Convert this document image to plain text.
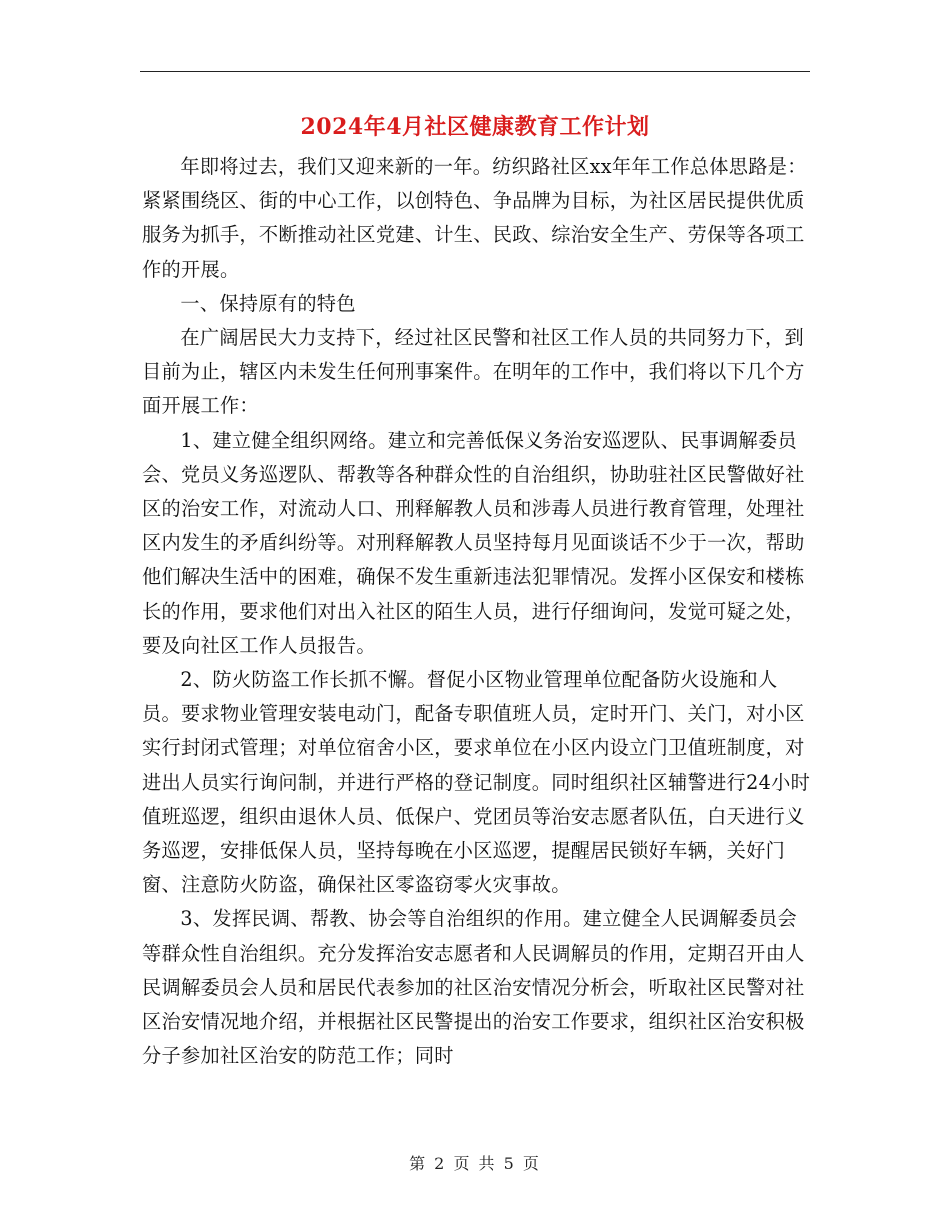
2024年4月社区健康教育工作计划

年即将过去，我们又迎来新的一年。纺织路社区xx年年工作总体思路是：紧紧围绕区、街的中心工作，以创特色、争品牌为目标，为社区居民提供优质服务为抓手，不断推动社区党建、计生、民政、综治安全生产、劳保等各项工作的开展。

一、保持原有的特色

在广阔居民大力支持下，经过社区民警和社区工作人员的共同努力下，到目前为止，辖区内未发生任何刑事案件。在明年的工作中，我们将以下几个方面开展工作：

1、建立健全组织网络。建立和完善低保义务治安巡逻队、民事调解委员会、党员义务巡逻队、帮教等各种群众性的自治组织，协助驻社区民警做好社区的治安工作，对流动人口、刑释解教人员和涉毒人员进行教育管理，处理社区内发生的矛盾纠纷等。对刑释解教人员坚持每月见面谈话不少于一次，帮助他们解决生活中的困难，确保不发生重新违法犯罪情况。发挥小区保安和楼栋长的作用，要求他们对出入社区的陌生人员，进行仔细询问，发觉可疑之处，要及向社区工作人员报告。

2、防火防盗工作长抓不懈。督促小区物业管理单位配备防火设施和人员。要求物业管理安装电动门，配备专职值班人员，定时开门、关门，对小区实行封闭式管理；对单位宿舍小区，要求单位在小区内设立门卫值班制度，对进出人员实行询问制，并进行严格的登记制度。同时组织社区辅警进行24小时值班巡逻，组织由退休人员、低保户、党团员等治安志愿者队伍，白天进行义务巡逻，安排低保人员，坚持每晚在小区巡逻，提醒居民锁好车辆，关好门窗、注意防火防盗，确保社区零盗窃零火灾事故。

3、发挥民调、帮教、协会等自治组织的作用。建立健全人民调解委员会等群众性自治组织。充分发挥治安志愿者和人民调解员的作用，定期召开由人民调解委员会人员和居民代表参加的社区治安情况分析会，听取社区民警对社区治安情况地介绍，并根据社区民警提出的治安工作要求，组织社区治安积极分子参加社区治安的防范工作；同时

第 2 页 共 5 页
